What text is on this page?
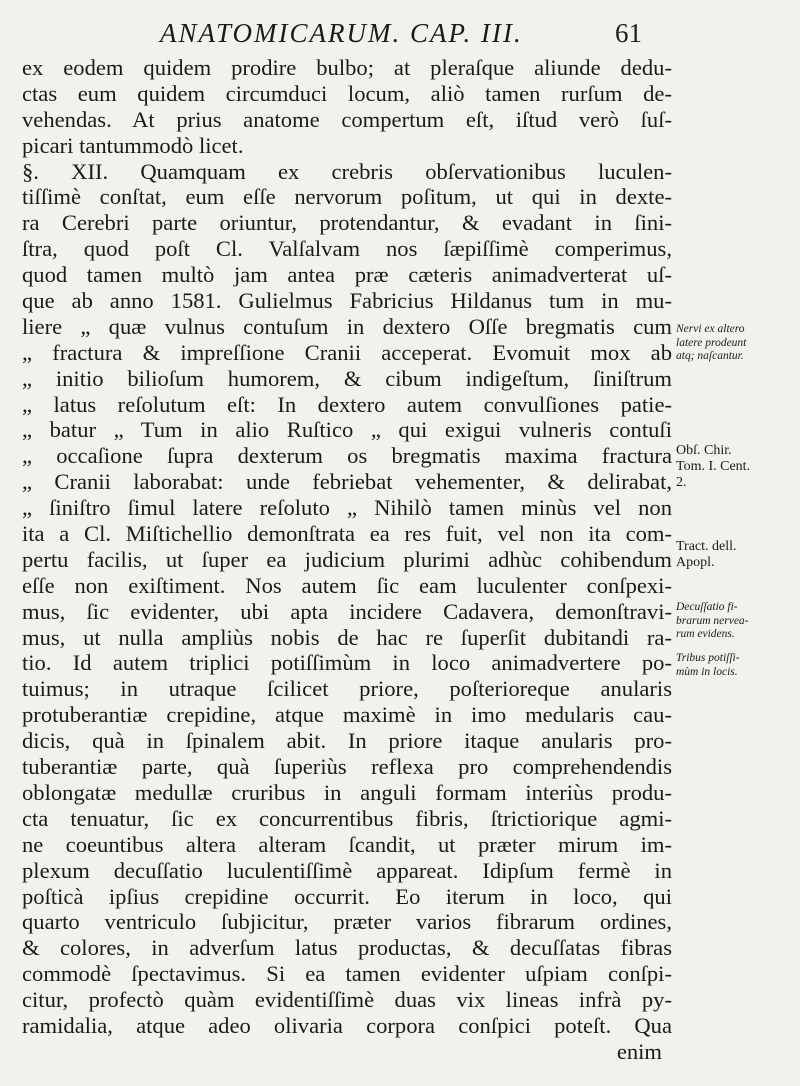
ANATOMICARUM. CAP. III.	61
ex eodem quidem prodire bulbo; at pleraſque aliunde dedu-
ctas eum quidem circumduci locum, aliò tamen rurſum de-
vehendas. At prius anatome compertum eſt, iſtud verò ſuſ-
picari tantummodò licet.
§. XII. Quamquam ex crebris obſervationibus luculen-
tiſſimè conſtat, eum eſſe nervorum poſitum, ut qui in dexte-
ra Cerebri parte oriuntur, protendantur, & evadant in ſini-
ſtra, quod poſt Cl. Valſalvam nos ſæpiſſimè comperimus,
quod tamen multò jam antea præ cæteris animadverterat uſ-
que ab anno 1581. Gulielmus Fabricius Hildanus tum in mu-
liere „ quæ vulnus contuſum in dextero Oſſe bregmatis cum
„ fractura & impreſſione Cranii acceperat. Evomuit mox ab
„ initio bilioſum humorem, & cibum indigeſtum, ſiniſtrum
„ latus reſolutum eſt: In dextero autem convulſiones patie-
„ batur „ Tum in alio Ruſtico „ qui exigui vulneris contuſi
„ occaſione ſupra dexterum os bregmatis maxima fractura
„ Cranii laborabat: unde febriebat vehementer, & delirabat,
„ ſiniſtro ſimul latere reſoluto „ Nihilò tamen minùs vel non
ita a Cl. Miſtichellio demonſtrata ea res fuit, vel non ita com-
pertu facilis, ut ſuper ea judicium plurimi adhùc cohibendum
eſſe non exiſtiment. Nos autem ſic eam luculenter conſpexi-
mus, ſic evidenter, ubi apta incidere Cadavera, demonſtravi-
mus, ut nulla ampliùs nobis de hac re ſuperſit dubitandi ra-
tio. Id autem triplici potiſſimùm in loco animadvertere po-
tuimus; in utraque ſcilicet priore, poſterioreque anularis
protuberantiæ crepidine, atque maximè in imo medularis cau-
dicis, quà in ſpinalem abit. In priore itaque anularis pro-
tuberantiæ parte, quà ſuperiùs reflexa pro comprehendendis
oblongatæ medullæ cruribus in anguli formam interiùs produ-
cta tenuatur, ſic ex concurrentibus fibris, ſtrictiorique agmi-
ne coeuntibus altera alteram ſcandit, ut præter mirum im-
plexum decuſſatio luculentiſſimè appareat. Idipſum fermè in
poſticà ipſius crepidine occurrit. Eo iterum in loco, qui
quarto ventriculo ſubjicitur, præter varios fibrarum ordines,
& colores, in adverſum latus productas, & decuſſatas fibras
commodè ſpectavimus. Si ea tamen evidenter uſpiam conſpi-
citur, profectò quàm evidentiſſimè duas vix lineas infrà py-
ramidalia, atque adeo olivaria corpora conſpici poteſt. Qua
enim
Nervi ex altero
latere prodeunt
atq; naſcantur.
Obſ. Chir.
Tom. I. Cent.
2.
Tract. dell.
Apopl.
Decuſſatio fi-
brarum nervea-
rum evidens.
Tribus potiſſi-
mùm in locis.
